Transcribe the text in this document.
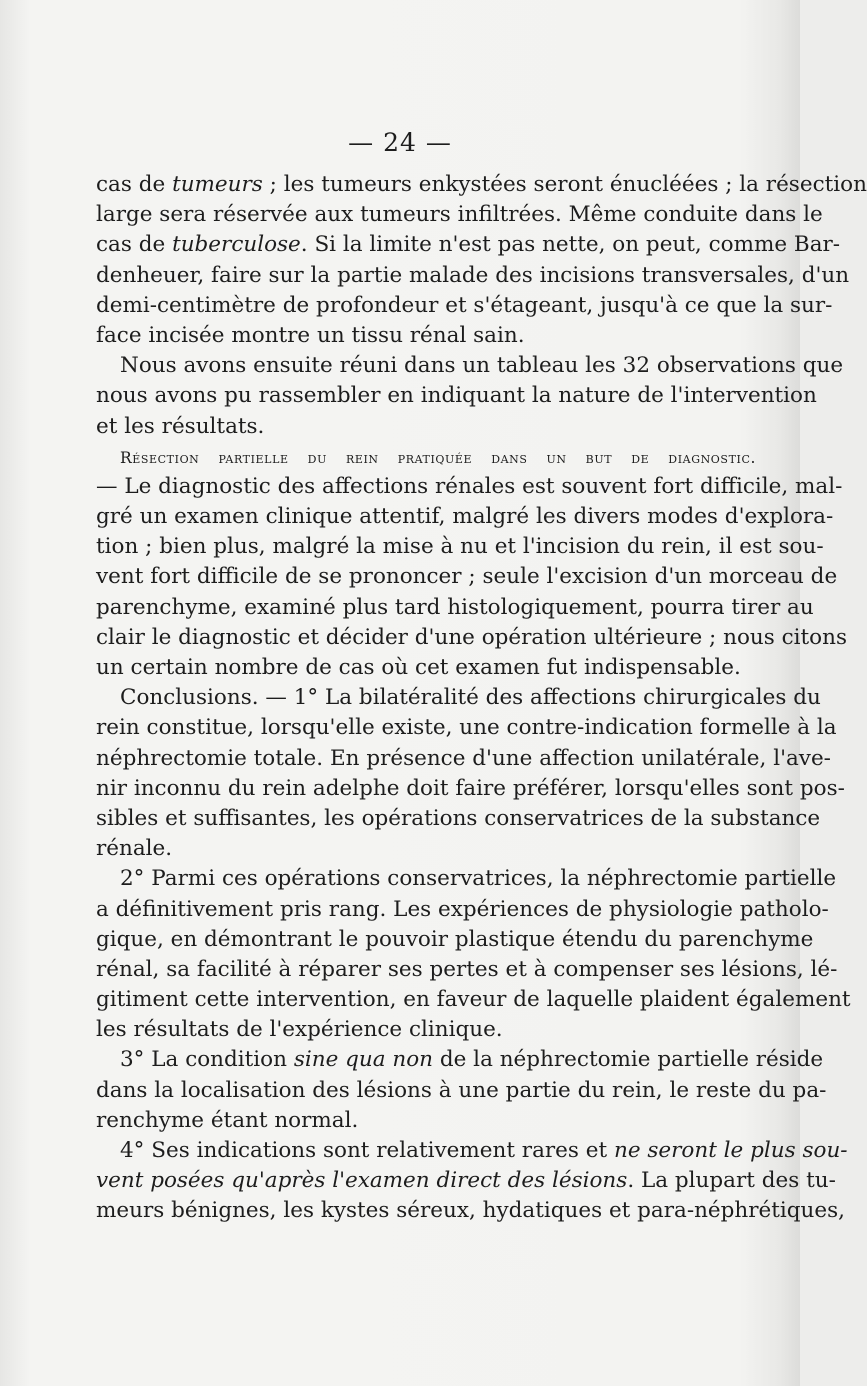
— 24 —
cas de tumeurs ; les tumeurs enkystées seront énucléées ; la résection
large sera réservée aux tumeurs infiltrées. Même conduite dans le
cas de tuberculose. Si la limite n'est pas nette, on peut, comme Bar-
denheuer, faire sur la partie malade des incisions transversales, d'un
demi-centimètre de profondeur et s'étageant, jusqu'à ce que la sur-
face incisée montre un tissu rénal sain.
Nous avons ensuite réuni dans un tableau les 32 observations que
nous avons pu rassembler en indiquant la nature de l'intervention
et les résultats.
Résection partielle du rein pratiquée dans un but de diagnostic.
— Le diagnostic des affections rénales est souvent fort difficile, mal-
gré un examen clinique attentif, malgré les divers modes d'explora-
tion ; bien plus, malgré la mise à nu et l'incision du rein, il est sou-
vent fort difficile de se prononcer ; seule l'excision d'un morceau de
parenchyme, examiné plus tard histologiquement, pourra tirer au
clair le diagnostic et décider d'une opération ultérieure ; nous citons
un certain nombre de cas où cet examen fut indispensable.
Conclusions. — 1° La bilatéralité des affections chirurgicales du
rein constitue, lorsqu'elle existe, une contre-indication formelle à la
néphrectomie totale. En présence d'une affection unilatérale, l'ave-
nir inconnu du rein adelphe doit faire préférer, lorsqu'elles sont pos-
sibles et suffisantes, les opérations conservatrices de la substance
rénale.
2° Parmi ces opérations conservatrices, la néphrectomie partielle
a définitivement pris rang. Les expériences de physiologie patholo-
gique, en démontrant le pouvoir plastique étendu du parenchyme
rénal, sa facilité à réparer ses pertes et à compenser ses lésions, lé-
gitiment cette intervention, en faveur de laquelle plaident également
les résultats de l'expérience clinique.
3° La condition sine qua non de la néphrectomie partielle réside
dans la localisation des lésions à une partie du rein, le reste du pa-
renchyme étant normal.
4° Ses indications sont relativement rares et ne seront le plus sou-
vent posées qu'après l'examen direct des lésions. La plupart des tu-
meurs bénignes, les kystes séreux, hydatiques et para-néphrétiques,
